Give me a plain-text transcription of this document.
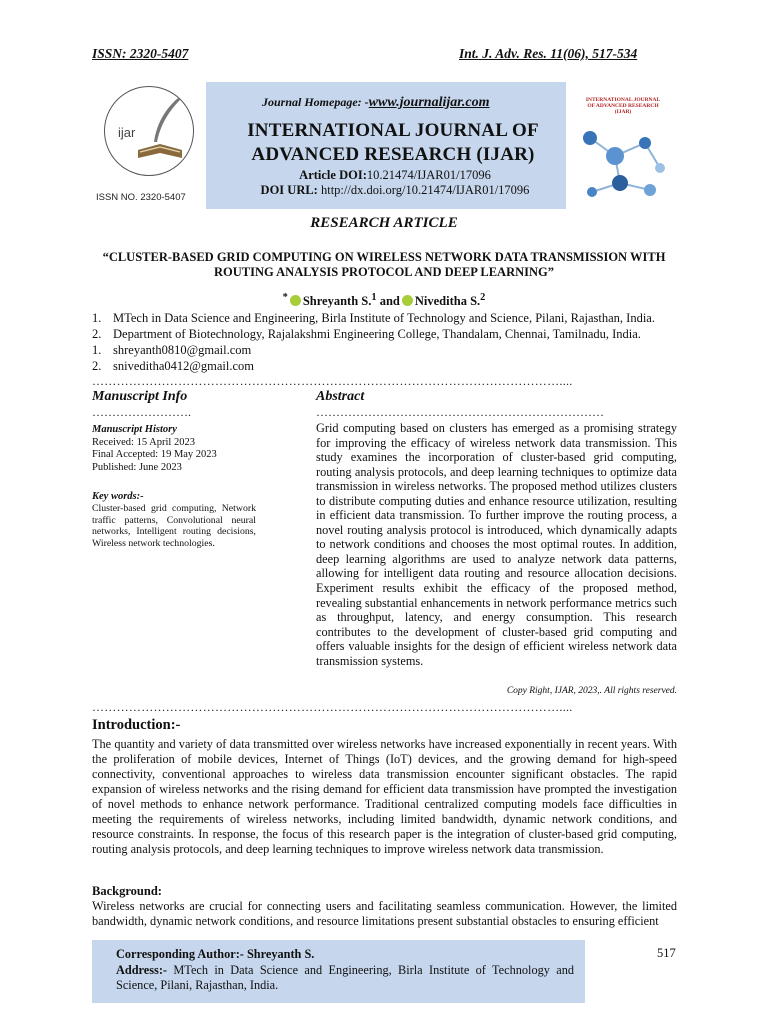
ISSN: 2320-5407	Int. J. Adv. Res. 11(06), 517-534
ijar
ISSN NO. 2320-5407
Journal Homepage: -www.journalijar.com
INTERNATIONAL JOURNAL OF
ADVANCED RESEARCH (IJAR)
Article DOI:10.21474/IJAR01/17096
DOI URL: http://dx.doi.org/10.21474/IJAR01/17096
INTERNATIONAL JOURNAL OF ADVANCED RESEARCH (IJAR)
RESEARCH ARTICLE
“CLUSTER-BASED GRID COMPUTING ON WIRELESS NETWORK DATA TRANSMISSION WITH
ROUTING ANALYSIS PROTOCOL AND DEEP LEARNING”
* Shreyanth S.$^1$ and Niveditha S.$^2$
1. MTech in Data Science and Engineering, Birla Institute of Technology and Science, Pilani, Rajasthan, India.
2. Department of Biotechnology, Rajalakshmi Engineering College, Thandalam, Chennai, Tamilnadu, India.
1. shreyanth0810@gmail.com
2. sniveditha0412@gmail.com
……………………………………………………………………………………………………....
Manuscript Info
…………………….
Manuscript History
Received: 15 April 2023
Final Accepted: 19 May 2023
Published: June 2023
Key words:-
Cluster-based grid computing, Network
traffic patterns, Convolutional neural
networks, Intelligent routing decisions,
Wireless network technologies.
Abstract
………………………………………………………………
Grid computing based on clusters has emerged as a promising strategy for improving the efficacy of wireless network data transmission. This study examines the incorporation of cluster-based grid computing, routing analysis protocols, and deep learning techniques to optimize data transmission in wireless networks. The proposed method utilizes clusters to distribute computing duties and enhance resource utilization, resulting in efficient data transmission. To further improve the routing process, a novel routing analysis protocol is introduced, which dynamically adapts to network conditions and chooses the most optimal routes. In addition, deep learning algorithms are used to analyze network data patterns, allowing for intelligent data routing and resource allocation decisions. Experiment results exhibit the efficacy of the proposed method, revealing substantial enhancements in network performance metrics such as throughput, latency, and energy consumption. This research contributes to the development of cluster-based grid computing and offers valuable insights for the design of efficient wireless network data transmission systems.
Copy Right, IJAR, 2023,. All rights reserved.
……………………………………………………………………………………………………....
Introduction:-
The quantity and variety of data transmitted over wireless networks have increased exponentially in recent years. With the proliferation of mobile devices, Internet of Things (IoT) devices, and the growing demand for high-speed connectivity, conventional approaches to wireless data transmission encounter significant obstacles. The rapid expansion of wireless networks and the rising demand for efficient data transmission have prompted the investigation of novel methods to enhance network performance. Traditional centralized computing models face difficulties in meeting the requirements of wireless networks, including limited bandwidth, dynamic network conditions, and resource constraints. In response, the focus of this research paper is the integration of cluster-based grid computing, routing analysis protocols, and deep learning techniques to improve wireless network data transmission.
Background:
Wireless networks are crucial for connecting users and facilitating seamless communication. However, the limited bandwidth, dynamic network conditions, and resource limitations present substantial obstacles to ensuring efficient
Corresponding Author:- Shreyanth S.
Address:- MTech in Data Science and Engineering, Birla Institute of Technology and Science, Pilani, Rajasthan, India.
517
